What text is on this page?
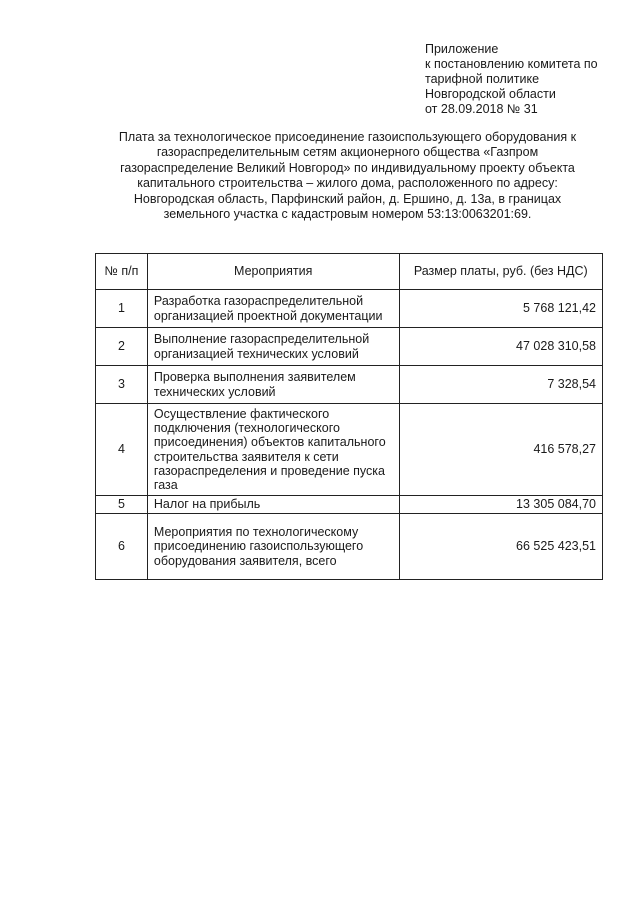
Приложение
к постановлению комитета по
тарифной политике
Новгородской области
от 28.09.2018 № 31
Плата за технологическое присоединение газоиспользующего оборудования к
газораспределительным сетям акционерного общества «Газпром
газораспределение Великий Новгород» по индивидуальному проекту объекта
капитального строительства – жилого дома, расположенного по адресу:
Новгородская область, Парфинский район, д. Ершино, д. 13а, в границах
земельного участка с кадастровым номером 53:13:0063201:69.
№ п/п	Мероприятия	Размер платы, руб. (без НДС)
1	Разработка газораспределительной организацией проектной документации	5 768 121,42
2	Выполнение газораспределительной организацией технических условий	47 028 310,58
3	Проверка выполнения заявителем технических условий	7 328,54
4	Осуществление фактического подключения (технологического присоединения) объектов капитального строительства заявителя к сети газораспределения и проведение пуска газа	416 578,27
5	Налог на прибыль	13 305 084,70
6	Мероприятия по технологическому присоединению газоиспользующего оборудования заявителя, всего	66 525 423,51
